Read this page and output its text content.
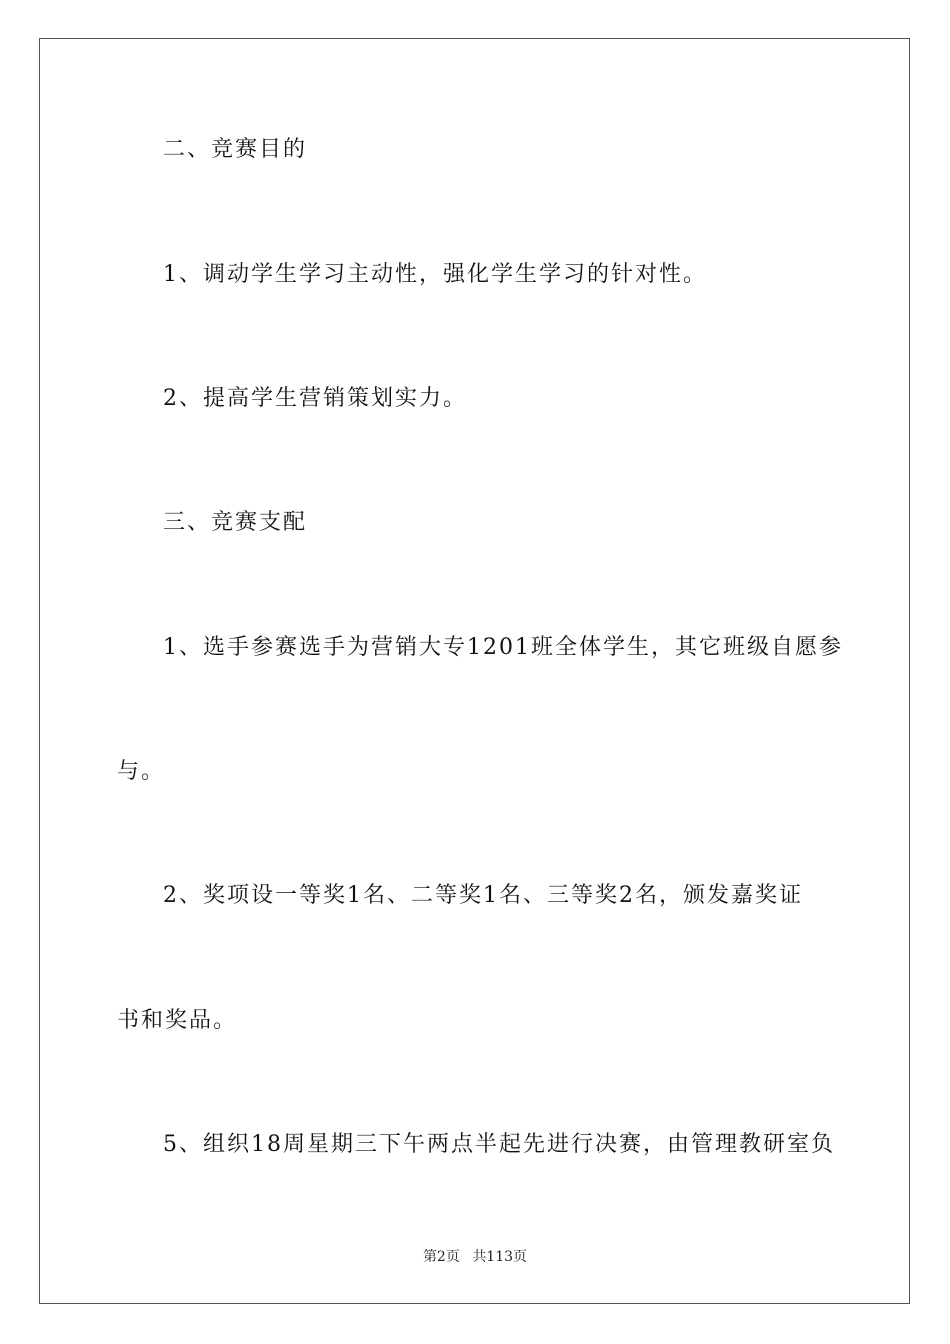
二、竞赛目的
1、调动学生学习主动性，强化学生学习的针对性。
2、提高学生营销策划实力。
三、竞赛支配
1、选手参赛选手为营销大专1201班全体学生，其它班级自愿参
与。
2、奖项设一等奖1名、二等奖1名、三等奖2名，颁发嘉奖证
书和奖品。
5、组织18周星期三下午两点半起先进行决赛，由管理教研室负
第2页 共113页
